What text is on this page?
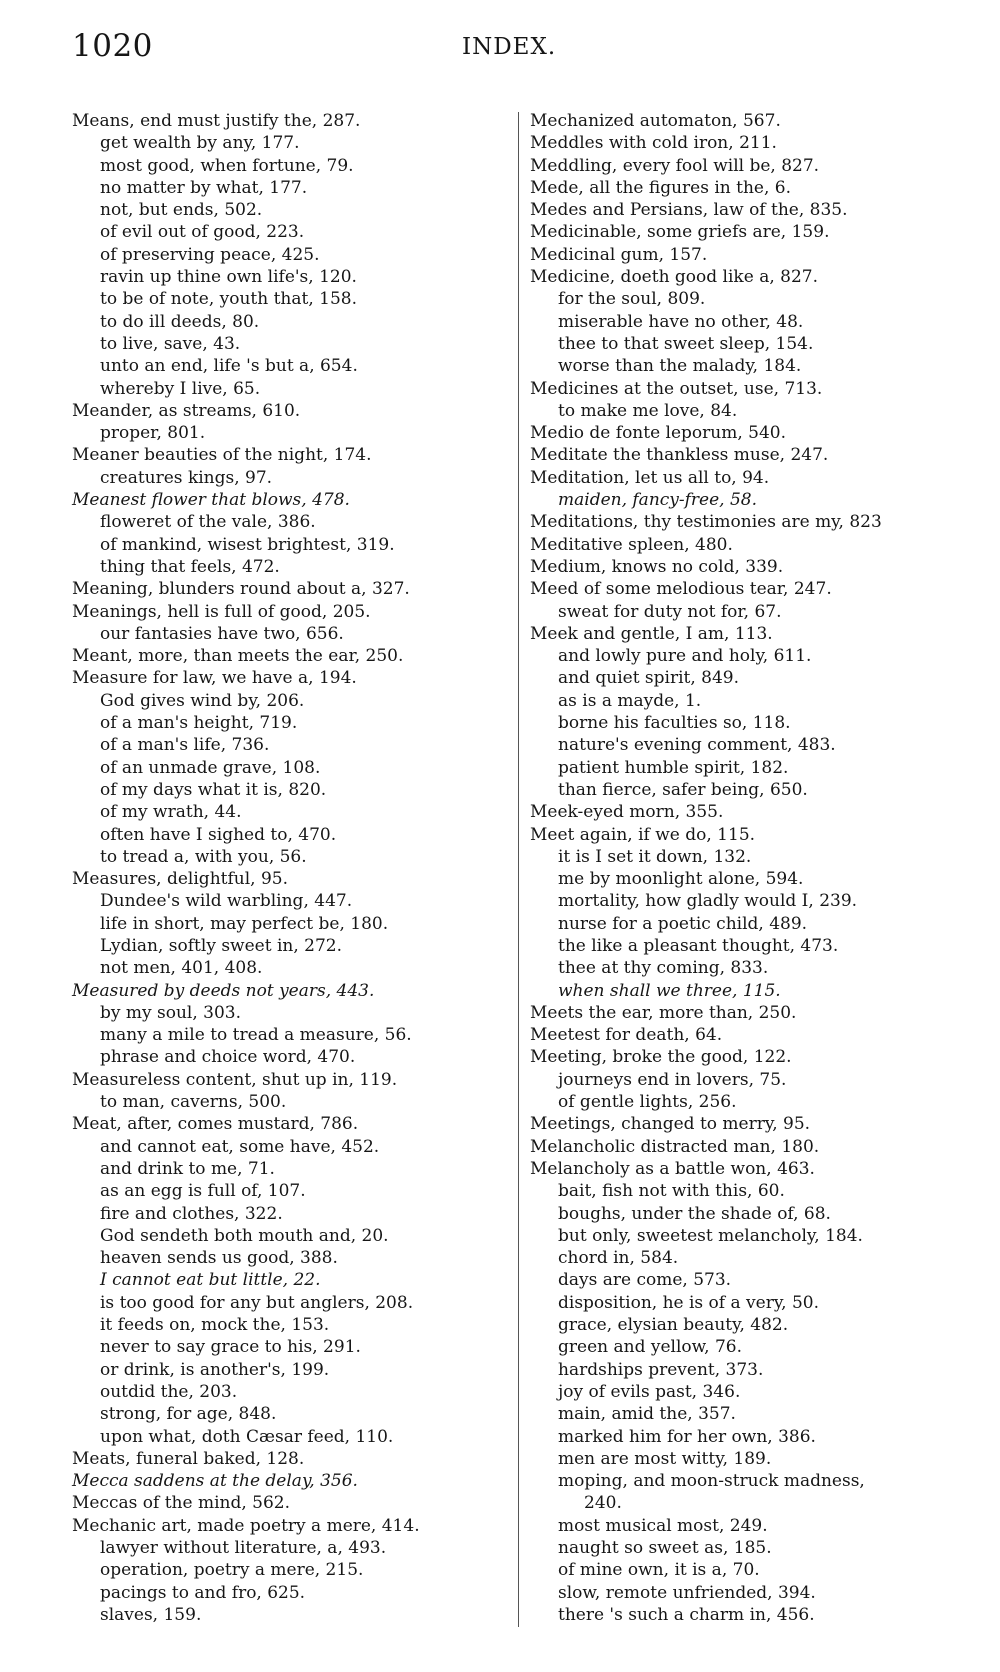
1020	INDEX.
Means, end must justify the, 287.
get wealth by any, 177.
most good, when fortune, 79.
no matter by what, 177.
not, but ends, 502.
of evil out of good, 223.
of preserving peace, 425.
ravin up thine own life's, 120.
to be of note, youth that, 158.
to do ill deeds, 80.
to live, save, 43.
unto an end, life 's but a, 654.
whereby I live, 65.
Meander, as streams, 610.
proper, 801.
Meaner beauties of the night, 174.
creatures kings, 97.
Meanest flower that blows, 478.
floweret of the vale, 386.
of mankind, wisest brightest, 319.
thing that feels, 472.
Meaning, blunders round about a, 327.
Meanings, hell is full of good, 205.
our fantasies have two, 656.
Meant, more, than meets the ear, 250.
Measure for law, we have a, 194.
God gives wind by, 206.
of a man's height, 719.
of a man's life, 736.
of an unmade grave, 108.
of my days what it is, 820.
of my wrath, 44.
often have I sighed to, 470.
to tread a, with you, 56.
Measures, delightful, 95.
Dundee's wild warbling, 447.
life in short, may perfect be, 180.
Lydian, softly sweet in, 272.
not men, 401, 408.
Measured by deeds not years, 443.
by my soul, 303.
many a mile to tread a measure, 56.
phrase and choice word, 470.
Measureless content, shut up in, 119.
to man, caverns, 500.
Meat, after, comes mustard, 786.
and cannot eat, some have, 452.
and drink to me, 71.
as an egg is full of, 107.
fire and clothes, 322.
God sendeth both mouth and, 20.
heaven sends us good, 388.
I cannot eat but little, 22.
is too good for any but anglers, 208.
it feeds on, mock the, 153.
never to say grace to his, 291.
or drink, is another's, 199.
outdid the, 203.
strong, for age, 848.
upon what, doth Cæsar feed, 110.
Meats, funeral baked, 128.
Mecca saddens at the delay, 356.
Meccas of the mind, 562.
Mechanic art, made poetry a mere, 414.
lawyer without literature, a, 493.
operation, poetry a mere, 215.
pacings to and fro, 625.
slaves, 159.
Mechanized automaton, 567.
Meddles with cold iron, 211.
Meddling, every fool will be, 827.
Mede, all the figures in the, 6.
Medes and Persians, law of the, 835.
Medicinable, some griefs are, 159.
Medicinal gum, 157.
Medicine, doeth good like a, 827.
for the soul, 809.
miserable have no other, 48.
thee to that sweet sleep, 154.
worse than the malady, 184.
Medicines at the outset, use, 713.
to make me love, 84.
Medio de fonte leporum, 540.
Meditate the thankless muse, 247.
Meditation, let us all to, 94.
maiden, fancy-free, 58.
Meditations, thy testimonies are my, 823
Meditative spleen, 480.
Medium, knows no cold, 339.
Meed of some melodious tear, 247.
sweat for duty not for, 67.
Meek and gentle, I am, 113.
and lowly pure and holy, 611.
and quiet spirit, 849.
as is a mayde, 1.
borne his faculties so, 118.
nature's evening comment, 483.
patient humble spirit, 182.
than fierce, safer being, 650.
Meek-eyed morn, 355.
Meet again, if we do, 115.
it is I set it down, 132.
me by moonlight alone, 594.
mortality, how gladly would I, 239.
nurse for a poetic child, 489.
the like a pleasant thought, 473.
thee at thy coming, 833.
when shall we three, 115.
Meets the ear, more than, 250.
Meetest for death, 64.
Meeting, broke the good, 122.
journeys end in lovers, 75.
of gentle lights, 256.
Meetings, changed to merry, 95.
Melancholic distracted man, 180.
Melancholy as a battle won, 463.
bait, fish not with this, 60.
boughs, under the shade of, 68.
but only, sweetest melancholy, 184.
chord in, 584.
days are come, 573.
disposition, he is of a very, 50.
grace, elysian beauty, 482.
green and yellow, 76.
hardships prevent, 373.
joy of evils past, 346.
main, amid the, 357.
marked him for her own, 386.
men are most witty, 189.
moping, and moon-struck madness,
240.
most musical most, 249.
naught so sweet as, 185.
of mine own, it is a, 70.
slow, remote unfriended, 394.
there 's such a charm in, 456.
